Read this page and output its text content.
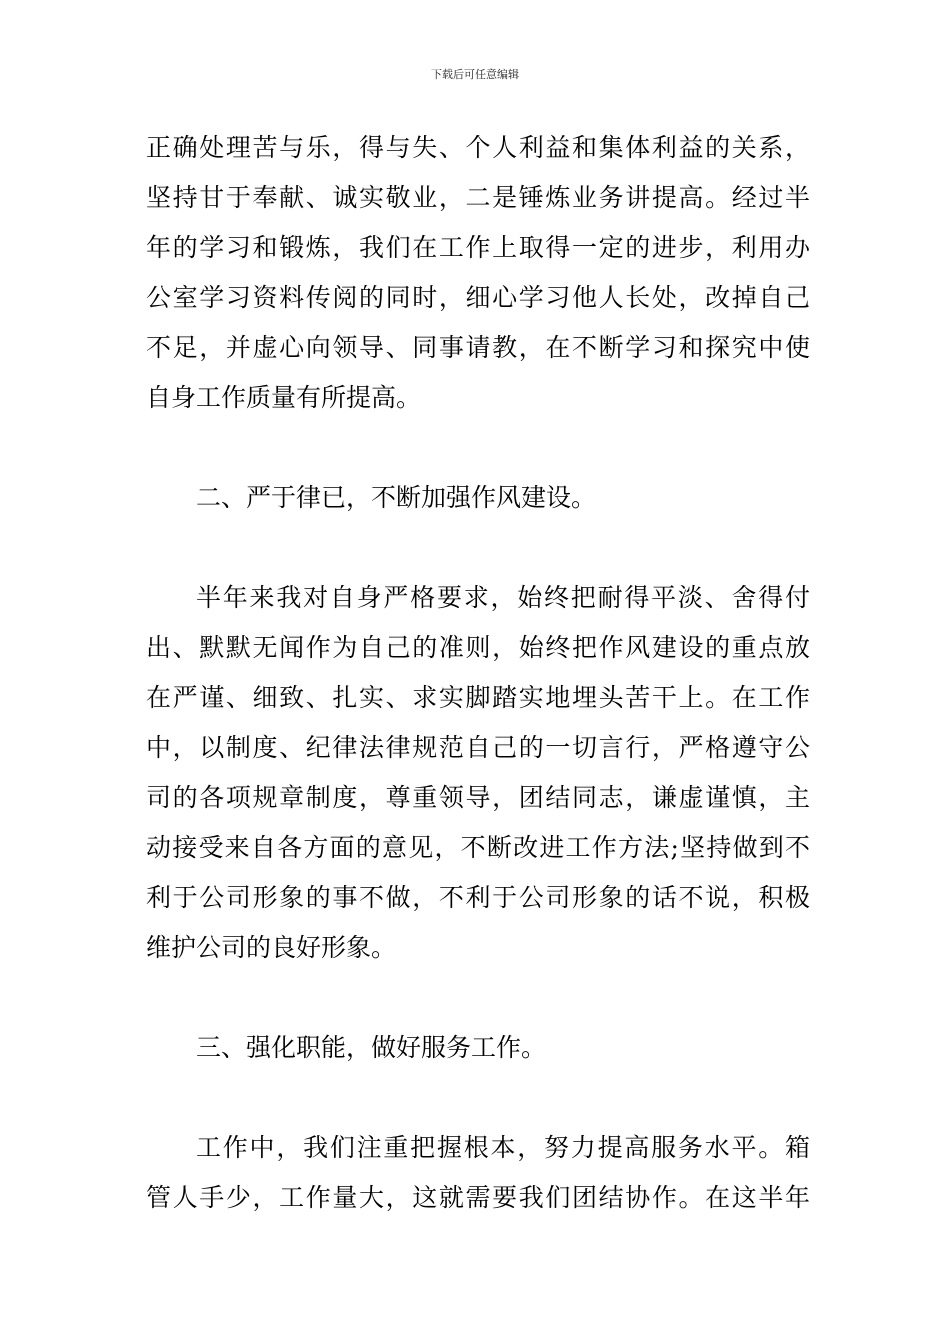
下载后可任意编辑
正确处理苦与乐，得与失、个人利益和集体利益的关系，
坚持甘于奉献、诚实敬业，二是锤炼业务讲提高。经过半
年的学习和锻炼，我们在工作上取得一定的进步，利用办
公室学习资料传阅的同时，细心学习他人长处，改掉自己
不足，并虚心向领导、同事请教，在不断学习和探究中使
自身工作质量有所提高。
二、严于律已，不断加强作风建设。
半年来我对自身严格要求，始终把耐得平淡、舍得付
出、默默无闻作为自己的准则，始终把作风建设的重点放
在严谨、细致、扎实、求实脚踏实地埋头苦干上。在工作
中，以制度、纪律法律规范自己的一切言行，严格遵守公
司的各项规章制度，尊重领导，团结同志，谦虚谨慎，主
动接受来自各方面的意见，不断改进工作方法;坚持做到不
利于公司形象的事不做，不利于公司形象的话不说，积极
维护公司的良好形象。
三、强化职能，做好服务工作。
工作中，我们注重把握根本，努力提高服务水平。箱
管人手少，工作量大，这就需要我们团结协作。在这半年
